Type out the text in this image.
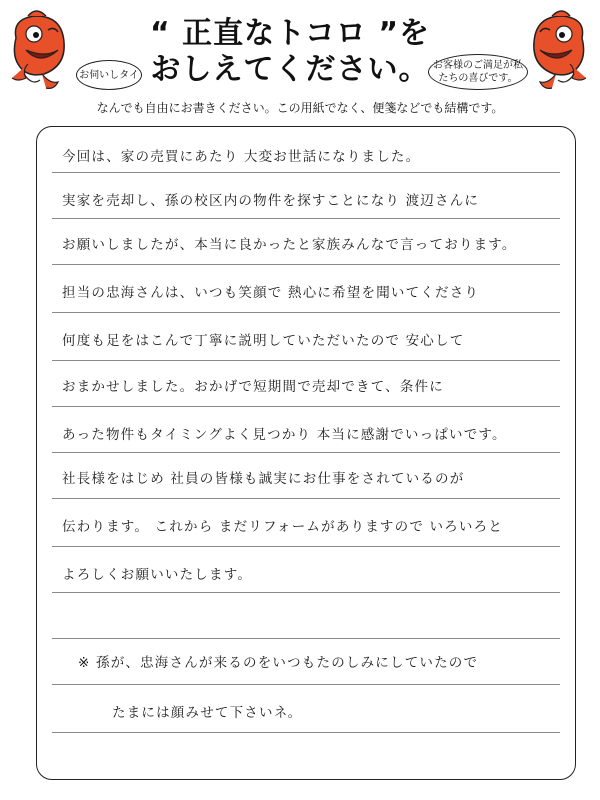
お伺いしタイ
お客様のご満足が私たちの喜びです。
“ 正直なトコロ ”を
おしえてください。
なんでも自由にお書きください。この用紙でなく、便箋などでも結構です。
今回は、家の売買にあたり 大変お世話になりました。
実家を売却し、孫の校区内の物件を探すことになり 渡辺さんに
お願いしましたが、本当に良かったと家族みんなで言っております。
担当の忠海さんは、いつも笑顔で 熱心に希望を聞いてくださり
何度も足をはこんで丁寧に説明していただいたので 安心して
おまかせしました。おかげで短期間で売却できて、条件に
あった物件もタイミングよく見つかり 本当に感謝でいっぱいです。
社長様をはじめ 社員の皆様も誠実にお仕事をされているのが
伝わります。 これから まだリフォームがありますので いろいろと
よろしくお願いいたします。
※ 孫が、忠海さんが来るのをいつもたのしみにしていたので
たまには顔みせて下さいネ。
